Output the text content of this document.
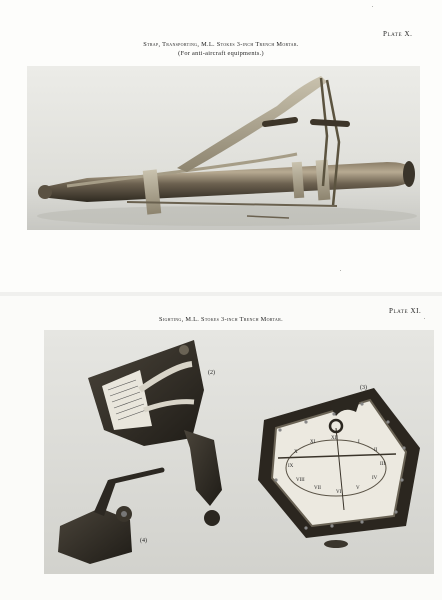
Plate X.
Strap, Transporting, M.L. Stokes 3-inch Trench Mortar.
(For anti-aircraft equipments.)
Plate XI.
Sighting, M.L. Stokes 3-inch Trench Mortar.
XII
I
II
III
IV
V
VI
VII
VIII
IX
X
XI
(2)
(3)
(4)
